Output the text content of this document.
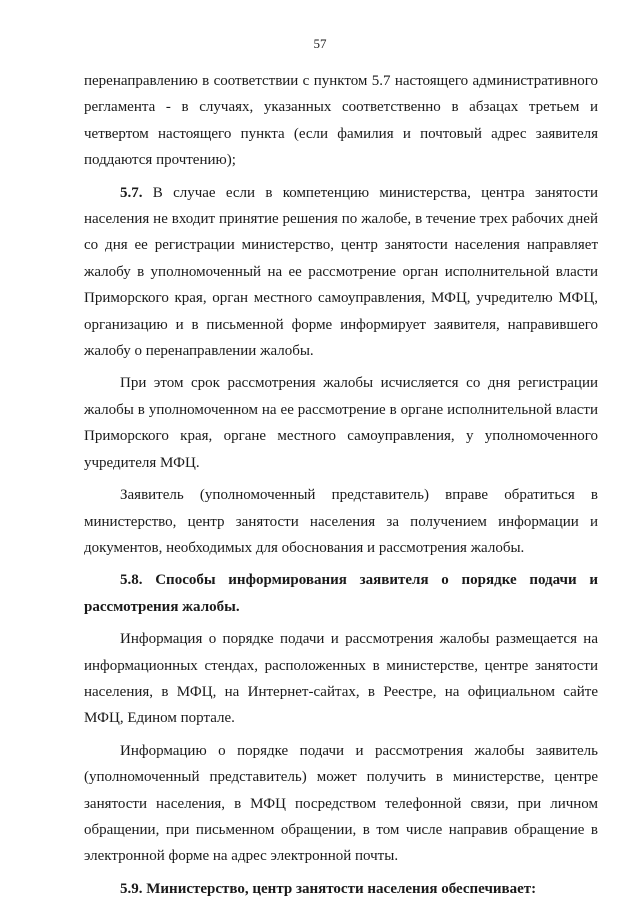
57

перенаправлению в соответствии с пунктом 5.7 настоящего административного регламента - в случаях, указанных соответственно в абзацах третьем и четвертом настоящего пункта (если фамилия и почтовый адрес заявителя поддаются прочтению);

5.7. В случае если в компетенцию министерства, центра занятости населения не входит принятие решения по жалобе, в течение трех рабочих дней со дня ее регистрации министерство, центр занятости населения направляет жалобу в уполномоченный на ее рассмотрение орган исполнительной власти Приморского края, орган местного самоуправления, МФЦ, учредителю МФЦ, организацию и в письменной форме информирует заявителя, направившего жалобу о перенаправлении жалобы.

При этом срок рассмотрения жалобы исчисляется со дня регистрации жалобы в уполномоченном на ее рассмотрение в органе исполнительной власти Приморского края, органе местного самоуправления, у уполномоченного учредителя МФЦ.

Заявитель (уполномоченный представитель) вправе обратиться в министерство, центр занятости населения за получением информации и документов, необходимых для обоснования и рассмотрения жалобы.

5.8. Способы информирования заявителя о порядке подачи и рассмотрения жалобы.

Информация о порядке подачи и рассмотрения жалобы размещается на информационных стендах, расположенных в министерстве, центре занятости населения, в МФЦ, на Интернет-сайтах, в Реестре, на официальном сайте МФЦ, Едином портале.

Информацию о порядке подачи и рассмотрения жалобы заявитель (уполномоченный представитель) может получить в министерстве, центре занятости населения, в МФЦ посредством телефонной связи, при личном обращении, при письменном обращении, в том числе направив обращение в электронной форме на адрес электронной почты.

5.9. Министерство, центр занятости населения обеспечивает:
